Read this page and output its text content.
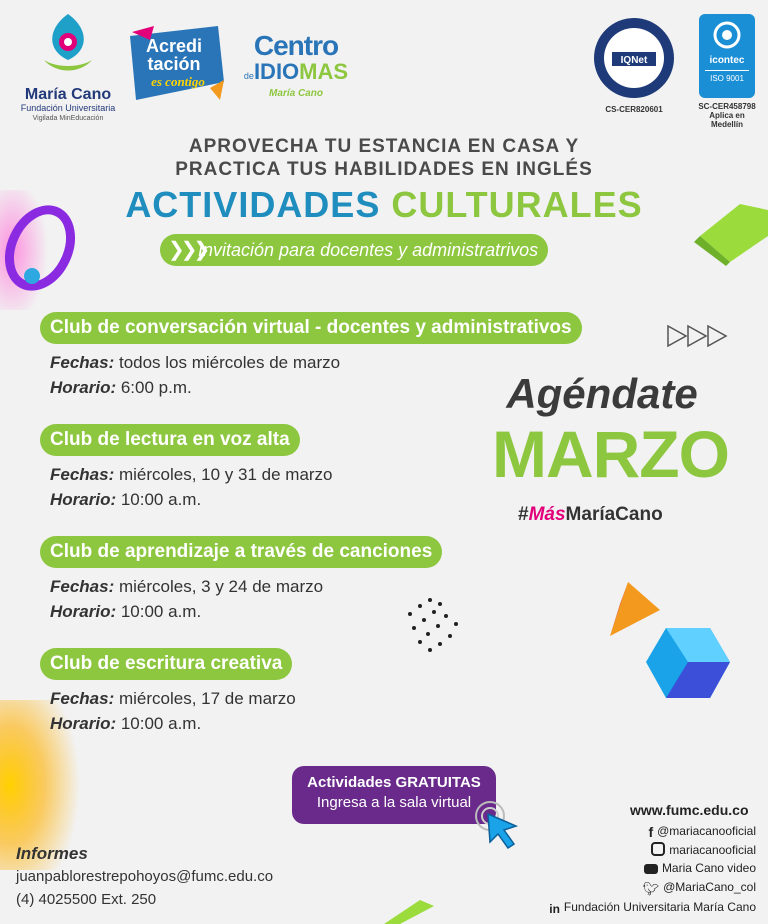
María Cano
Fundación Universitaria
Vigilada MinEducación
Acredi
tación
es contigo
Centro
deIDIOMAS
María Cano
IQNet
CS-CER820601
icontec
ISO 9001
SC-CER458798
Aplica en Medellín
APROVECHA TU ESTANCIA EN CASA Y
PRACTICA TUS HABILIDADES EN INGLÉS
ACTIVIDADES CULTURALES
❯❯❯
Invitación para docentes y administratrivos
Club de conversación virtual - docentes y administrativos
Fechas: todos los miércoles de marzo
Horario: 6:00 p.m.
Club de lectura en voz alta
Fechas: miércoles, 10 y 31 de marzo
Horario: 10:00 a.m.
Club de aprendizaje a través de canciones
Fechas: miércoles, 3 y 24 de marzo
Horario: 10:00 a.m.
Club de escritura creativa
Fechas: miércoles, 17 de marzo
Horario: 10:00 a.m.
Agéndate
MARZO
#MásMaríaCano
Actividades GRATUITAS
Ingresa a la sala virtual	www.fumc.edu.co
f @mariacanooficial
mariacanooficial
Maria Cano video
🐦︎ @MariaCano_col
in Fundación Universitaria María Cano
Informes
juanpablorestrepohoyos@fumc.edu.co
(4) 4025500 Ext. 250
